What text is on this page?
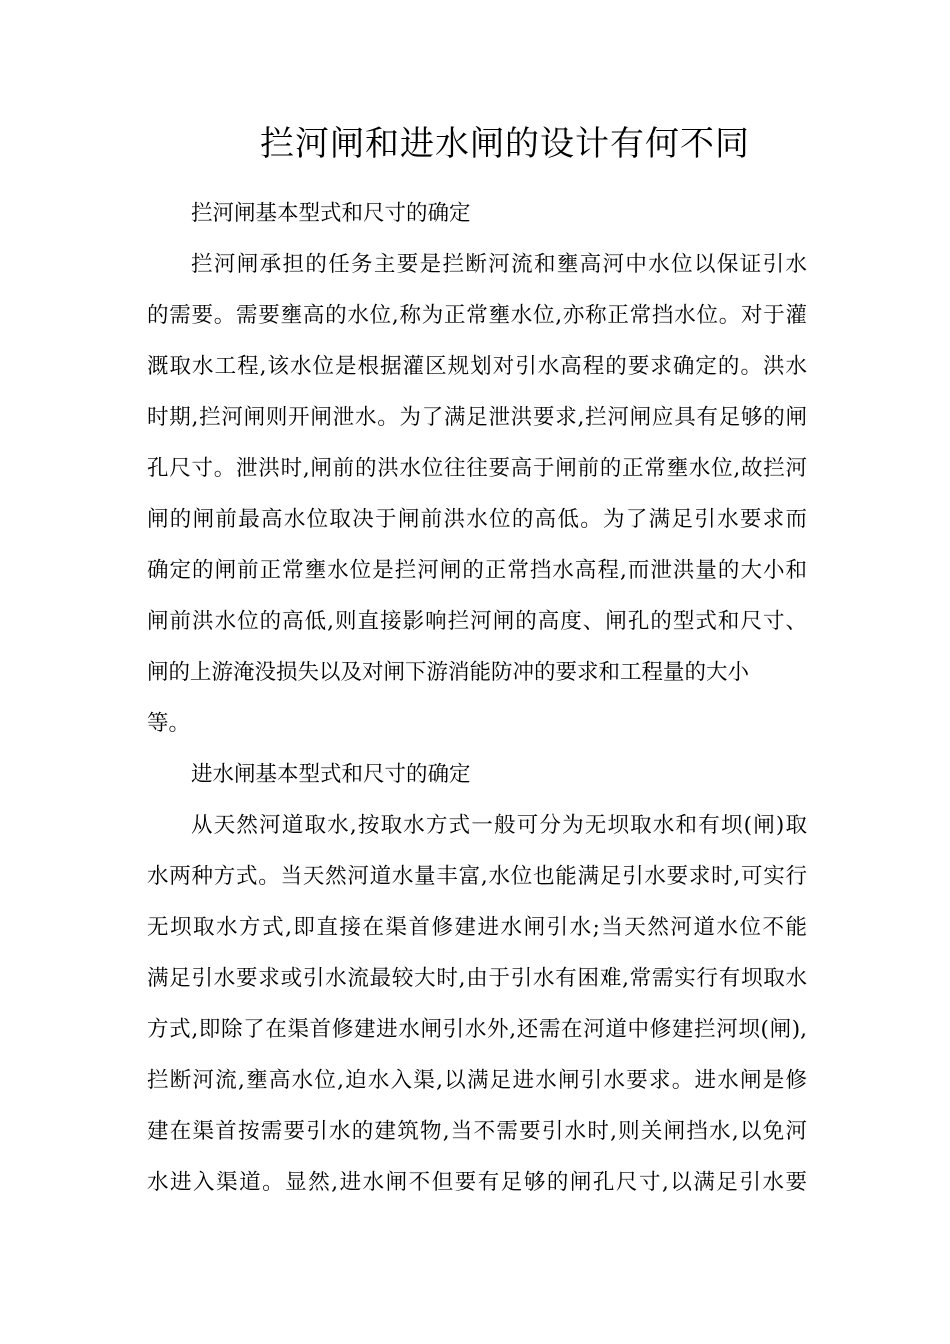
拦河闸和进水闸的设计有何不同
拦河闸基本型式和尺寸的确定
拦河闸承担的任务主要是拦断河流和壅高河中水位以保证引水
的需要。需要壅高的水位,称为正常壅水位,亦称正常挡水位。对于灌
溉取水工程,该水位是根据灌区规划对引水高程的要求确定的。洪水
时期,拦河闸则开闸泄水。为了满足泄洪要求,拦河闸应具有足够的闸
孔尺寸。泄洪时,闸前的洪水位往往要高于闸前的正常壅水位,故拦河
闸的闸前最高水位取决于闸前洪水位的高低。为了满足引水要求而
确定的闸前正常壅水位是拦河闸的正常挡水高程,而泄洪量的大小和
闸前洪水位的高低,则直接影响拦河闸的高度、闸孔的型式和尺寸、
闸的上游淹没损失以及对闸下游消能防冲的要求和工程量的大小
等。
进水闸基本型式和尺寸的确定
从天然河道取水,按取水方式一般可分为无坝取水和有坝(闸)取
水两种方式。当天然河道水量丰富,水位也能满足引水要求时,可实行
无坝取水方式,即直接在渠首修建进水闸引水;当天然河道水位不能
满足引水要求或引水流最较大时,由于引水有困难,常需实行有坝取水
方式,即除了在渠首修建进水闸引水外,还需在河道中修建拦河坝(闸),
拦断河流,壅高水位,迫水入渠,以满足进水闸引水要求。进水闸是修
建在渠首按需要引水的建筑物,当不需要引水时,则关闸挡水,以免河
水进入渠道。显然,进水闸不但要有足够的闸孔尺寸,以满足引水要
